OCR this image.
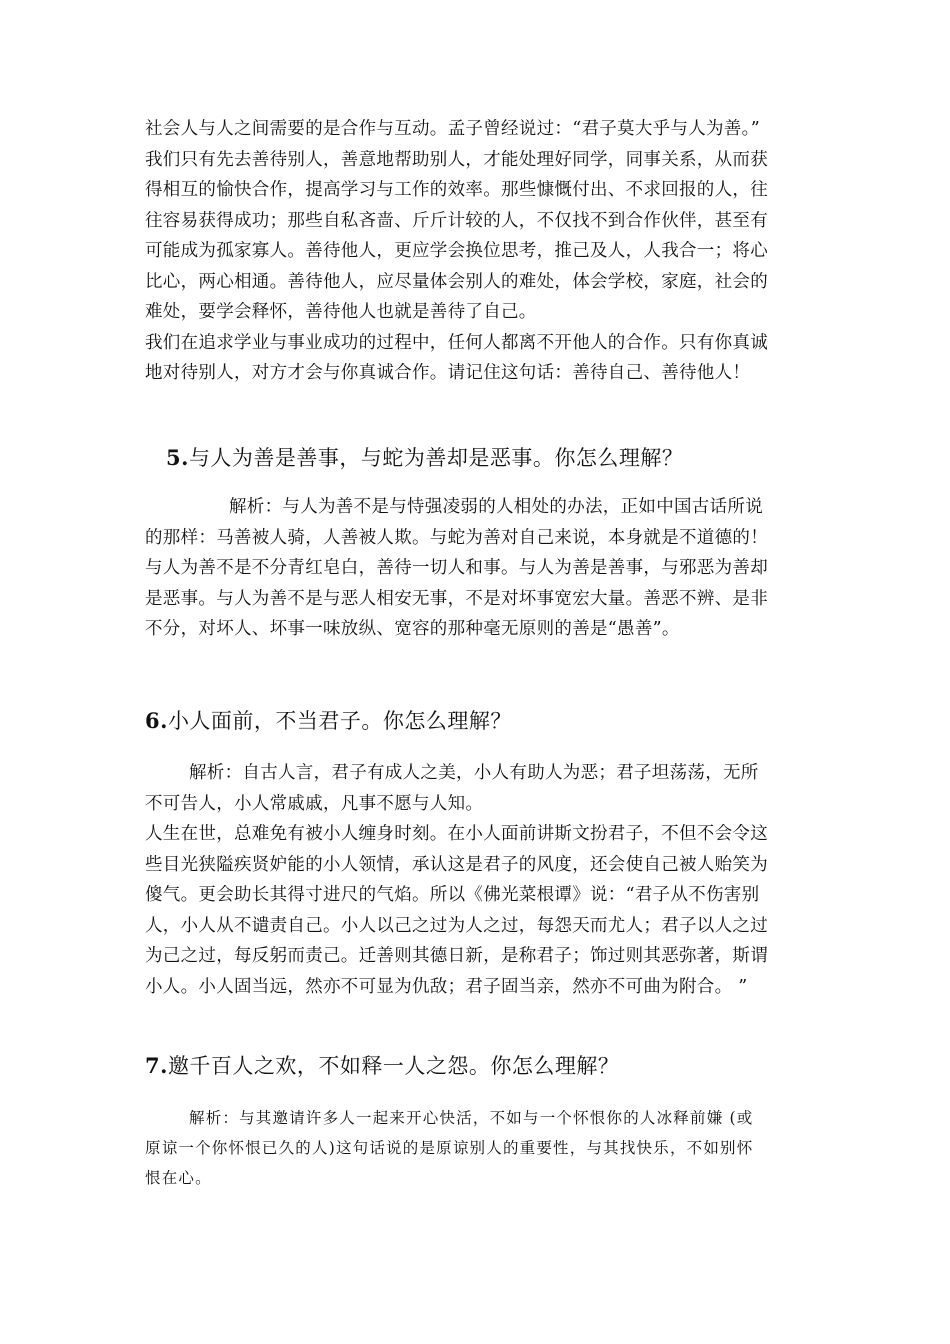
社会人与人之间需要的是合作与互动。孟子曾经说过：“君子莫大乎与人为善。”
我们只有先去善待别人，善意地帮助别人，才能处理好同学，同事关系，从而获
得相互的愉快合作，提高学习与工作的效率。那些慷慨付出、不求回报的人，往
往容易获得成功；那些自私吝啬、斤斤计较的人，不仅找不到合作伙伴，甚至有
可能成为孤家寡人。善待他人，更应学会换位思考，推己及人，人我合一；将心
比心，两心相通。善待他人，应尽量体会别人的难处，体会学校，家庭，社会的
难处，要学会释怀，善待他人也就是善待了自己。
我们在追求学业与事业成功的过程中，任何人都离不开他人的合作。只有你真诚
地对待别人，对方才会与你真诚合作。请记住这句话：善待自己、善待他人！
5.与人为善是善事，与蛇为善却是恶事。你怎么理解？
解析：与人为善不是与恃强凌弱的人相处的办法，正如中国古话所说
的那样：马善被人骑，人善被人欺。与蛇为善对自己来说，本身就是不道德的！
与人为善不是不分青红皂白，善待一切人和事。与人为善是善事，与邪恶为善却
是恶事。与人为善不是与恶人相安无事，不是对坏事宽宏大量。善恶不辨、是非
不分，对坏人、坏事一味放纵、宽容的那种毫无原则的善是“愚善”。
6.小人面前，不当君子。你怎么理解？
解析：自古人言，君子有成人之美，小人有助人为恶；君子坦荡荡，无所
不可告人，小人常戚戚，凡事不愿与人知。
人生在世，总难免有被小人缠身时刻。在小人面前讲斯文扮君子，不但不会令这
些目光狭隘疾贤妒能的小人领情，承认这是君子的风度，还会使自己被人贻笑为
傻气。更会助长其得寸进尺的气焰。所以《佛光菜根谭》说：“君子从不伤害别
人，小人从不谴责自己。小人以己之过为人之过，每怨天而尤人；君子以人之过
为己之过，每反躬而责己。迁善则其德日新，是称君子；饰过则其恶弥著，斯谓
小人。小人固当远，然亦不可显为仇敌；君子固当亲，然亦不可曲为附合。 ”
7.邀千百人之欢，不如释一人之怨。你怎么理解？
解析：与其邀请许多人一起来开心快活，不如与一个怀恨你的人冰释前嫌 (或
原谅一个你怀恨已久的人)这句话说的是原谅别人的重要性，与其找快乐，不如别怀
恨在心。
